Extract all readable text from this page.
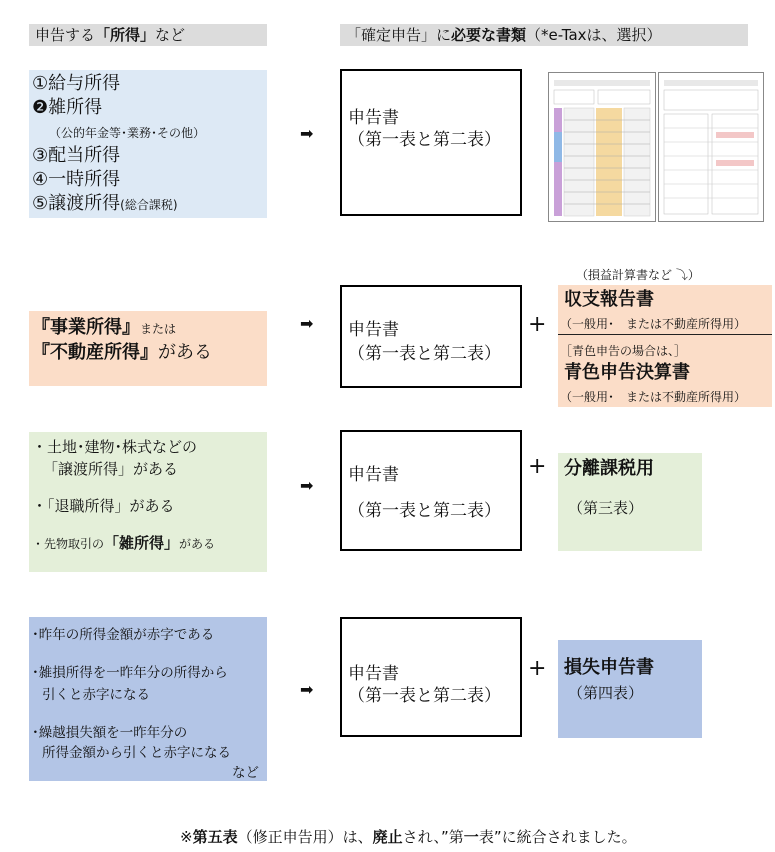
申告する「所得」など	「確定申告」に必要な書類（*e-Taxは、選択）
①給与所得
❷雑所得
（公的年金等･業務･その他）
③配当所得
④一時所得
⑤譲渡所得(総合課税)
➡
申告書
（第一表と第二表）
『事業所得』または
『不動産所得』がある
➡ 申告書
（第一表と第二表）
+
（損益計算書など ⤵）
収支報告書
（一般用･　または不動産所得用）
［青色申告の場合は、］
青色申告決算書
（一般用･　または不動産所得用）
・土地･建物･株式などの
「譲渡所得」がある
・「退職所得」がある
・先物取引の「雑所得」がある
➡
申告書
（第一表と第二表）
+ 分離課税用
（第三表）
･昨年の所得金額が赤字である
･雑損所得を一昨年分の所得から
引くと赤字になる
･繰越損失額を一昨年分の
所得金額から引くと赤字になる
など
➡
申告書
（第一表と第二表）
+ 損失申告書
（第四表）
※第五表（修正申告用）は、廃止され、”第一表”に統合されました。
